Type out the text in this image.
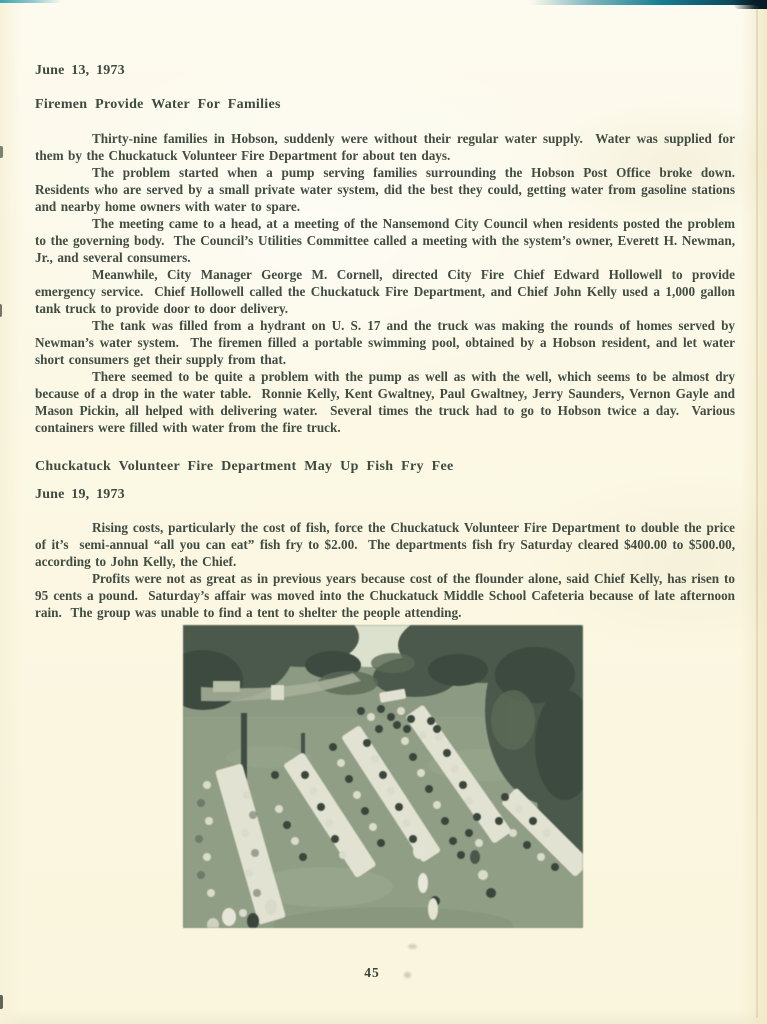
June 13, 1973
Firemen Provide Water For Families

Thirty-nine families in Hobson, suddenly were without their regular water supply.  Water was supplied for them by the Chuckatuck Volunteer Fire Department for about ten days.

The problem started when a pump serving families surrounding the Hobson Post Office broke down.  Residents who are served by a small private water system, did the best they could, getting water from gasoline stations and nearby home owners with water to spare.

The meeting came to a head, at a meeting of the Nansemond City Council when residents posted the problem to the governing body.  The Council’s Utilities Committee called a meeting with the system’s owner, Everett H. Newman, Jr., and several consumers.

Meanwhile, City Manager George M. Cornell, directed City Fire Chief Edward Hollowell to provide emergency service.  Chief Hollowell called the Chuckatuck Fire Department, and Chief John Kelly used a 1,000 gallon tank truck to provide door to door delivery.

The tank was filled from a hydrant on U. S. 17 and the truck was making the rounds of homes served by Newman’s water system.  The firemen filled a portable swimming pool, obtained by a Hobson resident, and let water short consumers get their supply from that.

There seemed to be quite a problem with the pump as well as with the well, which seems to be almost dry because of a drop in the water table.  Ronnie Kelly, Kent Gwaltney, Paul Gwaltney, Jerry Saunders, Vernon Gayle and Mason Pickin, all helped with delivering water.  Several times the truck had to go to Hobson twice a day.  Various containers were filled with water from the fire truck.

Chuckatuck Volunteer Fire Department May Up Fish Fry Fee
June 19, 1973

Rising costs, particularly the cost of fish, force the Chuckatuck Volunteer Fire Department to double the price of it’s  semi-annual “all you can eat” fish fry to $2.00.  The departments fish fry Saturday cleared $400.00 to $500.00, according to John Kelly, the Chief.

Profits were not as great as in previous years because cost of the flounder alone, said Chief Kelly, has risen to 95 cents a pound.  Saturday’s affair was moved into the Chuckatuck Middle School Cafeteria because of late afternoon rain.  The group was unable to find a tent to shelter the people attending.

45
